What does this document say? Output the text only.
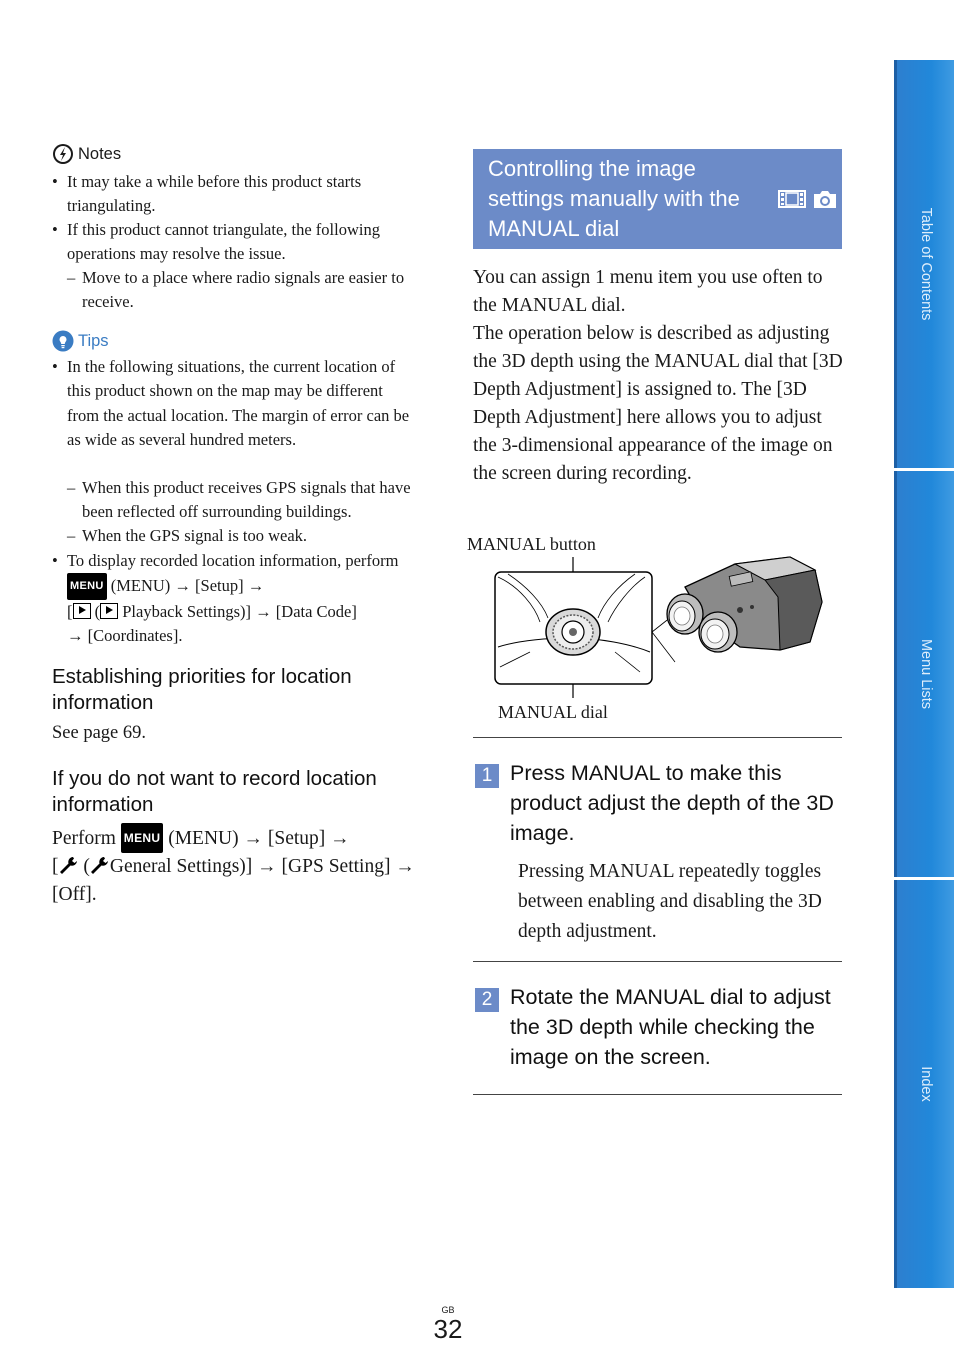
Notes
• It may take a while before this product starts triangulating.
• If this product cannot triangulate, the following operations may resolve the issue.
– Move to a place where radio signals are easier to receive.
Tips
• In the following situations, the current location of this product shown on the map may be different from the actual location. The margin of error can be as wide as several hundred meters.
– When this product receives GPS signals that have been reflected off surrounding buildings.
– When the GPS signal is too weak.
• To display recorded location information, perform MENU (MENU) → [Setup] →
[ ( Playback Settings)] → [Data Code]
→ [Coordinates].
Establishing priorities for location information
See page 69.
If you do not want to record location information
Perform MENU (MENU) → [Setup] →
[ ( General Settings)] → [GPS Setting] → [Off].
Controlling the image settings manually with the MANUAL dial
You can assign 1 menu item you use often to the MANUAL dial.
The operation below is described as adjusting the 3D depth using the MANUAL dial that [3D Depth Adjustment] is assigned to. The [3D Depth Adjustment] here allows you to adjust the 3-dimensional appearance of the image on the screen during recording.
MANUAL button
MANUAL dial
1 Press MANUAL to make this product adjust the depth of the 3D image.
Pressing MANUAL repeatedly toggles between enabling and disabling the 3D depth adjustment.
2 Rotate the MANUAL dial to adjust the 3D depth while checking the image on the screen.
Table of Contents
Menu Lists
Index
GB
32
